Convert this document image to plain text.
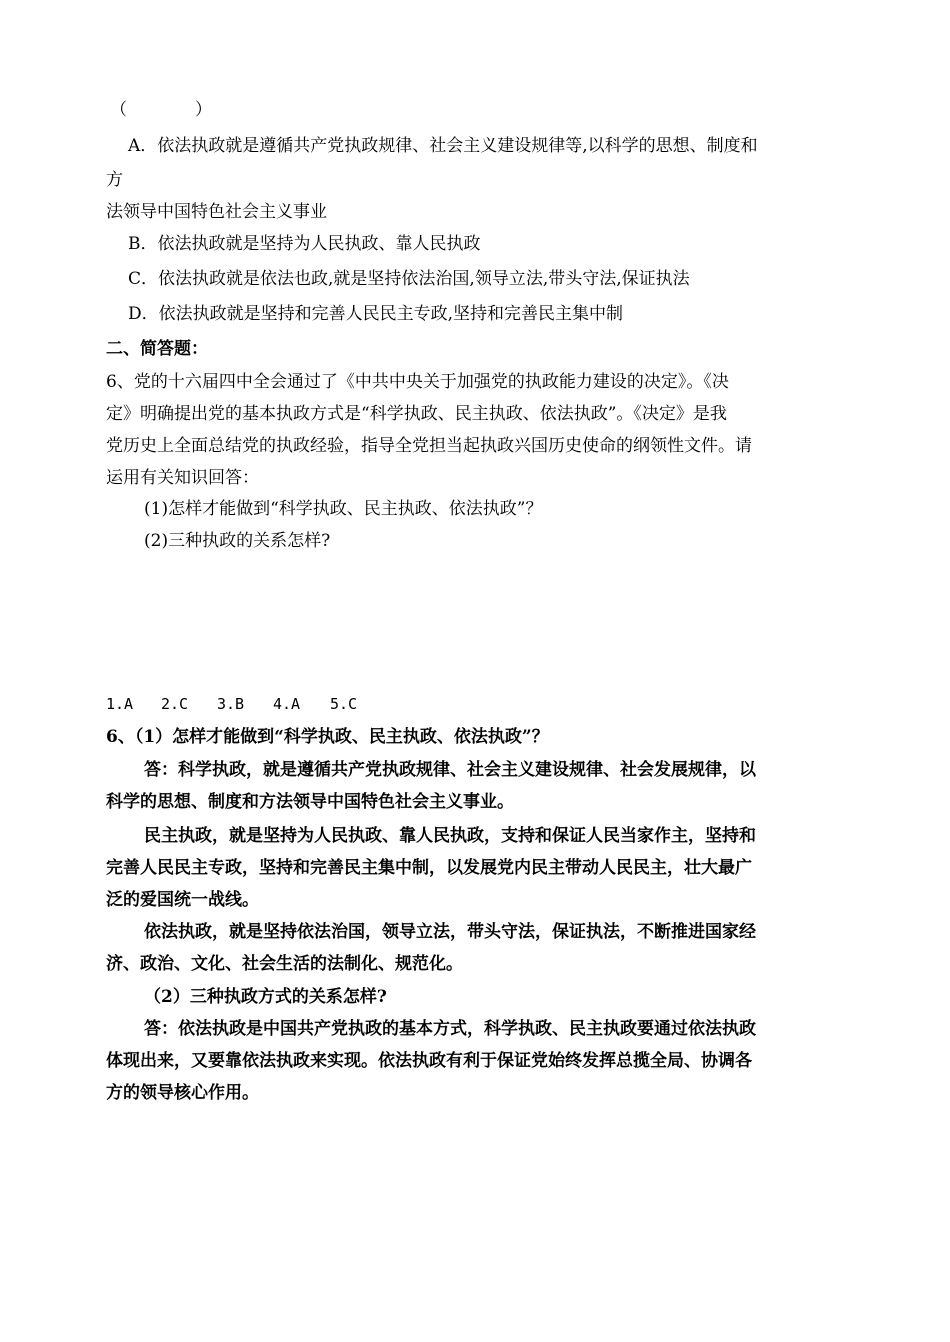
（　　　　）
A．依法执政就是遵循共产党执政规律、社会主义建设规律等,以科学的思想、制度和
方
法领导中国特色社会主义事业
B．依法执政就是坚持为人民执政、靠人民执政
C．依法执政就是依法也政,就是坚持依法治国,领导立法,带头守法,保证执法
D．依法执政就是坚持和完善人民民主专政,坚持和完善民主集中制
二、简答题：
6、党的十六届四中全会通过了《中共中央关于加强党的执政能力建设的决定》。《决
定》明确提出党的基本执政方式是“科学执政、民主执政、依法执政”。《决定》是我
党历史上全面总结党的执政经验，指导全党担当起执政兴国历史使命的纲领性文件。请
运用有关知识回答：
(1)怎样才能做到“科学执政、民主执政、依法执政”？
(2)三种执政的关系怎样?
1.A 2.C 3.B 4.A 5.C
6、（1）怎样才能做到“科学执政、民主执政、依法执政”？
答：科学执政，就是遵循共产党执政规律、社会主义建设规律、社会发展规律，以
科学的思想、制度和方法领导中国特色社会主义事业。
民主执政，就是坚持为人民执政、靠人民执政，支持和保证人民当家作主，坚持和
完善人民民主专政，坚持和完善民主集中制，以发展党内民主带动人民民主，壮大最广
泛的爱国统一战线。
依法执政，就是坚持依法治国，领导立法，带头守法，保证执法，不断推进国家经
济、政治、文化、社会生活的法制化、规范化。
（2）三种执政方式的关系怎样?
答：依法执政是中国共产党执政的基本方式，科学执政、民主执政要通过依法执政
体现出来，又要靠依法执政来实现。依法执政有利于保证党始终发挥总揽全局、协调各
方的领导核心作用。
